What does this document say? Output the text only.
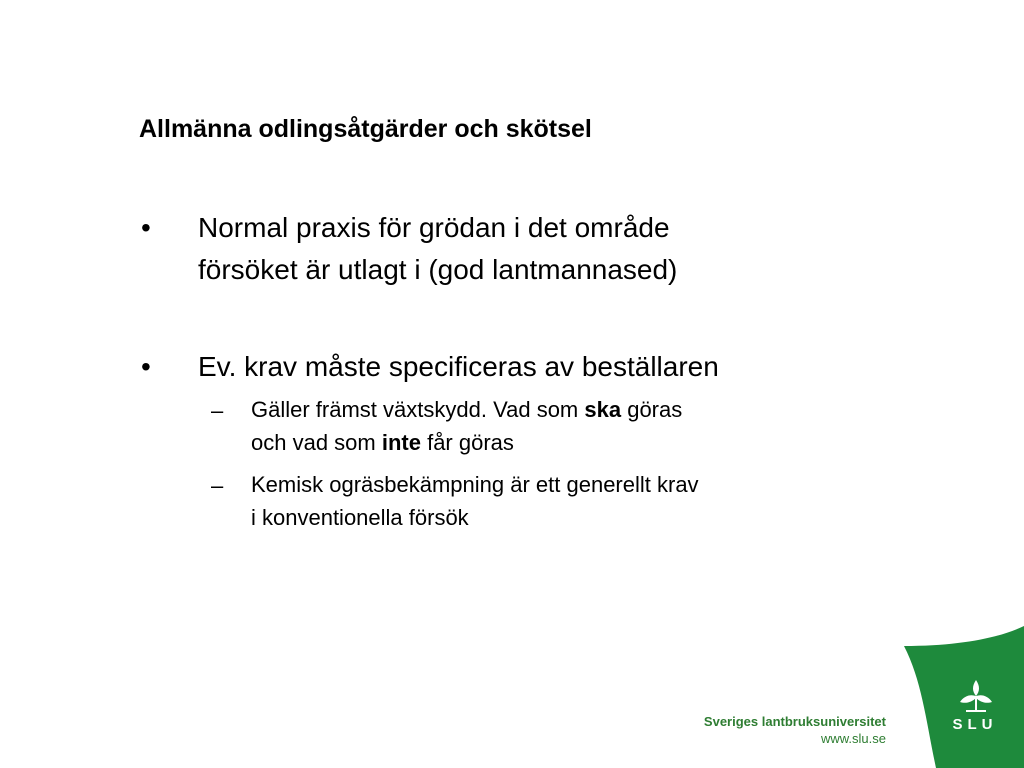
Allmänna odlingsåtgärder och skötsel
• Normal praxis för grödan i det område
försöket är utlagt i (god lantmannased)
• Ev. krav måste specificeras av beställaren
– Gäller främst växtskydd. Vad som ska göras
och vad som inte får göras
– Kemisk ogräsbekämpning är ett generellt krav
i konventionella försök
Sveriges lantbruksuniversitet
www.slu.se
SLU
